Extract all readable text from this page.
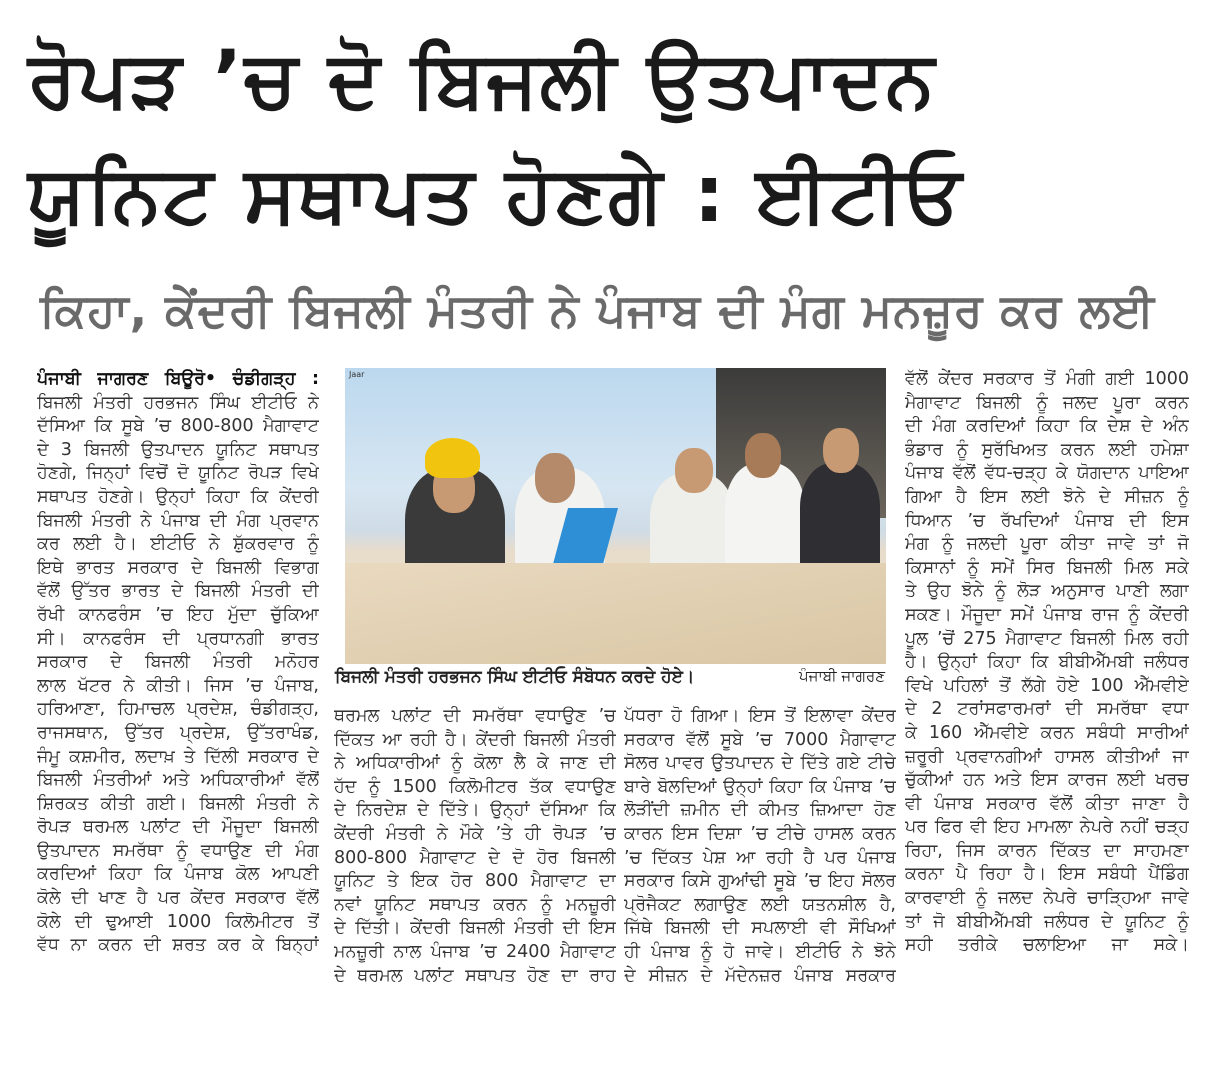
ਰੋਪੜ ’ਚ ਦੋ ਬਿਜਲੀ ਉਤਪਾਦਨ
ਯੂਨਿਟ ਸਥਾਪਤ ਹੋਣਗੇ : ਈਟੀਓ
ਕਿਹਾ, ਕੇਂਦਰੀ ਬਿਜਲੀ ਮੰਤਰੀ ਨੇ ਪੰਜਾਬ ਦੀ ਮੰਗ ਮਨਜ਼ੂਰ ਕਰ ਲਈ
ਪੰਜਾਬੀ ਜਾਗਰਣ ਬਿਊਰੋ• ਚੰਡੀਗੜ੍ਹ :
ਬਿਜਲੀ ਮੰਤਰੀ ਹਰਭਜਨ ਸਿੰਘ ਈਟੀਓ ਨੇ
ਦੱਸਿਆ ਕਿ ਸੂਬੇ ’ਚ 800-800 ਮੈਗਾਵਾਟ
ਦੇ 3 ਬਿਜਲੀ ਉਤਪਾਦਨ ਯੂਨਿਟ ਸਥਾਪਤ
ਹੋਣਗੇ, ਜਿਨ੍ਹਾਂ ਵਿਚੋਂ ਦੋ ਯੂਨਿਟ ਰੋਪੜ ਵਿਖੇ
ਸਥਾਪਤ ਹੋਣਗੇ। ਉਨ੍ਹਾਂ ਕਿਹਾ ਕਿ ਕੇਂਦਰੀ
ਬਿਜਲੀ ਮੰਤਰੀ ਨੇ ਪੰਜਾਬ ਦੀ ਮੰਗ ਪ੍ਰਵਾਨ
ਕਰ ਲਈ ਹੈ। ਈਟੀਓ ਨੇ ਸ਼ੁੱਕਰਵਾਰ ਨੂੰ
ਇਥੇ ਭਾਰਤ ਸਰਕਾਰ ਦੇ ਬਿਜਲੀ ਵਿਭਾਗ
ਵੱਲੋਂ ਉੱਤਰ ਭਾਰਤ ਦੇ ਬਿਜਲੀ ਮੰਤਰੀ ਦੀ
ਰੱਖੀ ਕਾਨਫਰੰਸ ’ਚ ਇਹ ਮੁੱਦਾ ਚੁੱਕਿਆ
ਸੀ। ਕਾਨਫਰੰਸ ਦੀ ਪ੍ਰਧਾਨਗੀ ਭਾਰਤ
ਸਰਕਾਰ ਦੇ ਬਿਜਲੀ ਮੰਤਰੀ ਮਨੋਹਰ
ਲਾਲ ਖੱਟਰ ਨੇ ਕੀਤੀ। ਜਿਸ ’ਚ ਪੰਜਾਬ,
ਹਰਿਆਣਾ, ਹਿਮਾਚਲ ਪ੍ਰਦੇਸ਼, ਚੰਡੀਗੜ੍ਹ,
ਰਾਜਸਥਾਨ, ਉੱਤਰ ਪ੍ਰਦੇਸ਼, ਉੱਤਰਾਖੰਡ,
ਜੰਮੂ ਕਸ਼ਮੀਰ, ਲਦਾਖ਼ ਤੇ ਦਿੱਲੀ ਸਰਕਾਰ ਦੇ
ਬਿਜਲੀ ਮੰਤਰੀਆਂ ਅਤੇ ਅਧਿਕਾਰੀਆਂ ਵੱਲੋਂ
ਸ਼ਿਰਕਤ ਕੀਤੀ ਗਈ। ਬਿਜਲੀ ਮੰਤਰੀ ਨੇ
ਰੋਪੜ ਥਰਮਲ ਪਲਾਂਟ ਦੀ ਮੌਜੂਦਾ ਬਿਜਲੀ
ਉਤਪਾਦਨ ਸਮਰੱਥਾ ਨੂੰ ਵਧਾਉਣ ਦੀ ਮੰਗ
ਕਰਦਿਆਂ ਕਿਹਾ ਕਿ ਪੰਜਾਬ ਕੋਲ ਆਪਣੀ
ਕੋਲੇ ਦੀ ਖਾਣ ਹੈ ਪਰ ਕੇਂਦਰ ਸਰਕਾਰ ਵੱਲੋਂ
ਕੋਲੇ ਦੀ ਢੁਆਈ 1000 ਕਿਲੋਮੀਟਰ ਤੋਂ
ਵੱਧ ਨਾ ਕਰਨ ਦੀ ਸ਼ਰਤ ਕਰ ਕੇ ਬਿਨ੍ਹਾਂ
Jaar
ਬਿਜਲੀ ਮੰਤਰੀ ਹਰਭਜਨ ਸਿੰਘ ਈਟੀਓ ਸੰਬੋਧਨ ਕਰਦੇ ਹੋਏ।	ਪੰਜਾਬੀ ਜਾਗਰਣ
ਥਰਮਲ ਪਲਾਂਟ ਦੀ ਸਮਰੱਥਾ ਵਧਾਉਣ ’ਚ
ਦਿੱਕਤ ਆ ਰਹੀ ਹੈ। ਕੇਂਦਰੀ ਬਿਜਲੀ ਮੰਤਰੀ
ਨੇ ਅਧਿਕਾਰੀਆਂ ਨੂੰ ਕੋਲਾ ਲੈ ਕੇ ਜਾਣ ਦੀ
ਹੱਦ ਨੂੰ 1500 ਕਿਲੋਮੀਟਰ ਤੱਕ ਵਧਾਉਣ
ਦੇ ਨਿਰਦੇਸ਼ ਦੇ ਦਿੱਤੇ। ਉਨ੍ਹਾਂ ਦੱਸਿਆ ਕਿ
ਕੇਂਦਰੀ ਮੰਤਰੀ ਨੇ ਮੌਕੇ ’ਤੇ ਹੀ ਰੋਪੜ ’ਚ
800-800 ਮੈਗਾਵਾਟ ਦੇ ਦੋ ਹੋਰ ਬਿਜਲੀ
ਯੂਨਿਟ ਤੇ ਇਕ ਹੋਰ 800 ਮੈਗਾਵਾਟ ਦਾ
ਨਵਾਂ ਯੂਨਿਟ ਸਥਾਪਤ ਕਰਨ ਨੂੰ ਮਨਜ਼ੂਰੀ
ਦੇ ਦਿੱਤੀ। ਕੇਂਦਰੀ ਬਿਜਲੀ ਮੰਤਰੀ ਦੀ ਇਸ
ਮਨਜ਼ੂਰੀ ਨਾਲ ਪੰਜਾਬ ’ਚ 2400 ਮੈਗਾਵਾਟ
ਦੇ ਥਰਮਲ ਪਲਾਂਟ ਸਥਾਪਤ ਹੋਣ ਦਾ ਰਾਹ
ਪੱਧਰਾ ਹੋ ਗਿਆ। ਇਸ ਤੋਂ ਇਲਾਵਾ ਕੇਂਦਰ
ਸਰਕਾਰ ਵੱਲੋਂ ਸੂਬੇ ’ਚ 7000 ਮੈਗਾਵਾਟ
ਸੋਲਰ ਪਾਵਰ ਉਤਪਾਦਨ ਦੇ ਦਿੱਤੇ ਗਏ ਟੀਚੇ
ਬਾਰੇ ਬੋਲਦਿਆਂ ਉਨ੍ਹਾਂ ਕਿਹਾ ਕਿ ਪੰਜਾਬ ’ਚ
ਲੋੜੀਂਦੀ ਜ਼ਮੀਨ ਦੀ ਕੀਮਤ ਜ਼ਿਆਦਾ ਹੋਣ
ਕਾਰਨ ਇਸ ਦਿਸ਼ਾ ’ਚ ਟੀਚੇ ਹਾਸਲ ਕਰਨ
’ਚ ਦਿੱਕਤ ਪੇਸ਼ ਆ ਰਹੀ ਹੈ ਪਰ ਪੰਜਾਬ
ਸਰਕਾਰ ਕਿਸੇ ਗੁਆਂਢੀ ਸੂਬੇ ’ਚ ਇਹ ਸੋਲਰ
ਪ੍ਰੋਜੈਕਟ ਲਗਾਉਣ ਲਈ ਯਤਨਸ਼ੀਲ ਹੈ,
ਜਿੱਥੇ ਬਿਜਲੀ ਦੀ ਸਪਲਾਈ ਵੀ ਸੌਖਿਆਂ
ਹੀ ਪੰਜਾਬ ਨੂੰ ਹੋ ਜਾਵੇ। ਈਟੀਓ ਨੇ ਝੋਨੇ
ਦੇ ਸੀਜ਼ਨ ਦੇ ਮੱਦੇਨਜ਼ਰ ਪੰਜਾਬ ਸਰਕਾਰ
ਵੱਲੋਂ ਕੇਂਦਰ ਸਰਕਾਰ ਤੋਂ ਮੰਗੀ ਗਈ 1000
ਮੈਗਾਵਾਟ ਬਿਜਲੀ ਨੂੰ ਜਲਦ ਪੂਰਾ ਕਰਨ
ਦੀ ਮੰਗ ਕਰਦਿਆਂ ਕਿਹਾ ਕਿ ਦੇਸ਼ ਦੇ ਅੰਨ
ਭੰਡਾਰ ਨੂੰ ਸੁਰੱਖਿਅਤ ਕਰਨ ਲਈ ਹਮੇਸ਼ਾ
ਪੰਜਾਬ ਵੱਲੋਂ ਵੱਧ-ਚੜ੍ਹ ਕੇ ਯੋਗਦਾਨ ਪਾਇਆ
ਗਿਆ ਹੈ ਇਸ ਲਈ ਝੋਨੇ ਦੇ ਸੀਜ਼ਨ ਨੂੰ
ਧਿਆਨ ’ਚ ਰੱਖਦਿਆਂ ਪੰਜਾਬ ਦੀ ਇਸ
ਮੰਗ ਨੂੰ ਜਲਦੀ ਪੂਰਾ ਕੀਤਾ ਜਾਵੇ ਤਾਂ ਜੋ
ਕਿਸਾਨਾਂ ਨੂੰ ਸਮੇਂ ਸਿਰ ਬਿਜਲੀ ਮਿਲ ਸਕੇ
ਤੇ ਉਹ ਝੋਨੇ ਨੂੰ ਲੋੜ ਅਨੁਸਾਰ ਪਾਣੀ ਲਗਾ
ਸਕਣ। ਮੌਜੂਦਾ ਸਮੇਂ ਪੰਜਾਬ ਰਾਜ ਨੂੰ ਕੇਂਦਰੀ
ਪੂਲ ’ਚੋਂ 275 ਮੈਗਾਵਾਟ ਬਿਜਲੀ ਮਿਲ ਰਹੀ
ਹੈ। ਉਨ੍ਹਾਂ ਕਿਹਾ ਕਿ ਬੀਬੀਐੱਮਬੀ ਜਲੰਧਰ
ਵਿਖੇ ਪਹਿਲਾਂ ਤੋਂ ਲੱਗੇ ਹੋਏ 100 ਐੱਮਵੀਏ
ਦੇ 2 ਟਰਾਂਸਫਾਰਮਰਾਂ ਦੀ ਸਮਰੱਥਾ ਵਧਾ
ਕੇ 160 ਐੱਮਵੀਏ ਕਰਨ ਸਬੰਧੀ ਸਾਰੀਆਂ
ਜ਼ਰੂਰੀ ਪ੍ਰਵਾਨਗੀਆਂ ਹਾਸਲ ਕੀਤੀਆਂ ਜਾ
ਚੁੱਕੀਆਂ ਹਨ ਅਤੇ ਇਸ ਕਾਰਜ ਲਈ ਖਰਚ
ਵੀ ਪੰਜਾਬ ਸਰਕਾਰ ਵੱਲੋਂ ਕੀਤਾ ਜਾਣਾ ਹੈ
ਪਰ ਫਿਰ ਵੀ ਇਹ ਮਾਮਲਾ ਨੇਪਰੇ ਨਹੀਂ ਚੜ੍ਹ
ਰਿਹਾ, ਜਿਸ ਕਾਰਨ ਦਿੱਕਤ ਦਾ ਸਾਹਮਣਾ
ਕਰਨਾ ਪੈ ਰਿਹਾ ਹੈ। ਇਸ ਸਬੰਧੀ ਪੈਂਡਿੰਗ
ਕਾਰਵਾਈ ਨੂੰ ਜਲਦ ਨੇਪਰੇ ਚਾੜ੍ਹਿਆ ਜਾਵੇ
ਤਾਂ ਜੋ ਬੀਬੀਐੱਮਬੀ ਜਲੰਧਰ ਦੇ ਯੂਨਿਟ ਨੂੰ
ਸਹੀ ਤਰੀਕੇ ਚਲਾਇਆ ਜਾ ਸਕੇ।
